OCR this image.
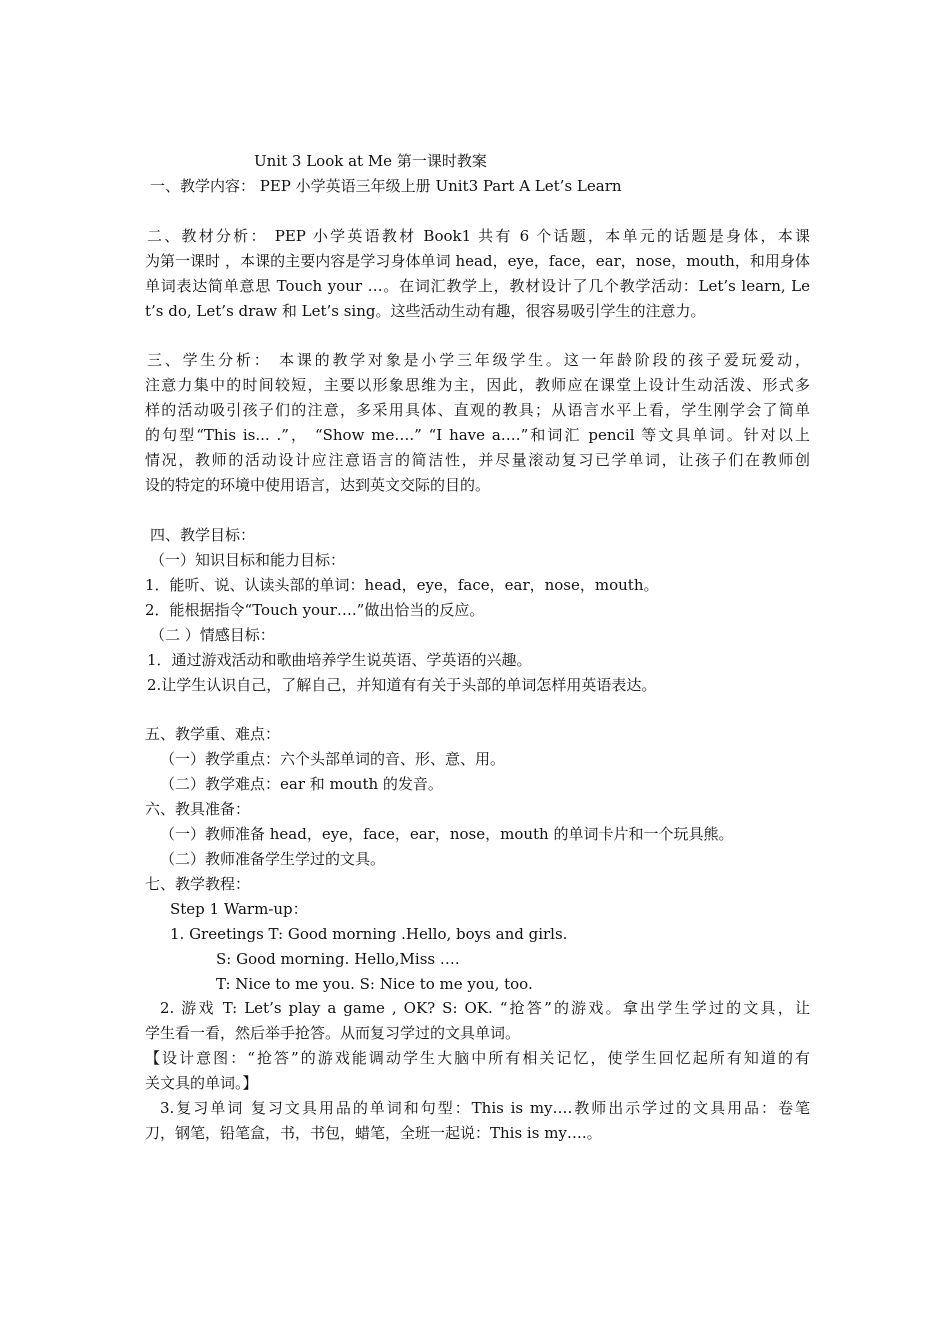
Unit 3 Look at Me 第一课时教案
一、教学内容： PEP 小学英语三年级上册 Unit3 Part A Let’s Learn
二、教材分析： PEP 小学英语教材 Book1 共有 6 个话题，本单元的话题是身体，本课
为第一课时 ，本课的主要内容是学习身体单词 head，eye，face，ear，nose，mouth，和用身体
单词表达简单意思 Touch your …。在词汇教学上，教材设计了几个教学活动：Let’s learn, Le
t’s do, Let’s draw 和 Let’s sing。这些活动生动有趣，很容易吸引学生的注意力。
三、学生分析： 本课的教学对象是小学三年级学生。这一年龄阶段的孩子爱玩爱动，
注意力集中的时间较短，主要以形象思维为主，因此，教师应在课堂上设计生动活泼、形式多
样的活动吸引孩子们的注意，多采用具体、直观的教具；从语言水平上看，学生刚学会了简单
的句型“This is... .”， “Show me….” “I have a….”和词汇 pencil 等文具单词。针对以上
情况，教师的活动设计应注意语言的简洁性，并尽量滚动复习已学单词，让孩子们在教师创
设的特定的环境中使用语言，达到英文交际的目的。
四、教学目标：
（一）知识目标和能力目标：
1．能听、说、认读头部的单词：head，eye，face，ear，nose，mouth。
2．能根据指令“Touch your….”做出恰当的反应。
（二 ）情感目标：
1．通过游戏活动和歌曲培养学生说英语、学英语的兴趣。
2.让学生认识自己，了解自己，并知道有有关于头部的单词怎样用英语表达。
五、教学重、难点：
（一）教学重点：六个头部单词的音、形、意、用。
（二）教学难点：ear 和 mouth 的发音。
六、教具准备：
（一）教师准备 head，eye，face，ear，nose，mouth 的单词卡片和一个玩具熊。
（二）教师准备学生学过的文具。
七、教学教程：
Step 1 Warm-up：
1. Greetings T: Good morning .Hello, boys and girls.
S: Good morning. Hello,Miss ….
T: Nice to me you. S: Nice to me you, too.
2. 游戏 T: Let’s play a game , OK? S: OK. “抢答”的游戏。拿出学生学过的文具，让
学生看一看，然后举手抢答。从而复习学过的文具单词。
【设计意图：“抢答”的游戏能调动学生大脑中所有相关记忆，使学生回忆起所有知道的有
关文具的单词。】
3.复习单词 复习文具用品的单词和句型：This is my….教师出示学过的文具用品：卷笔
刀，钢笔，铅笔盒，书，书包，蜡笔，全班一起说：This is my….。
